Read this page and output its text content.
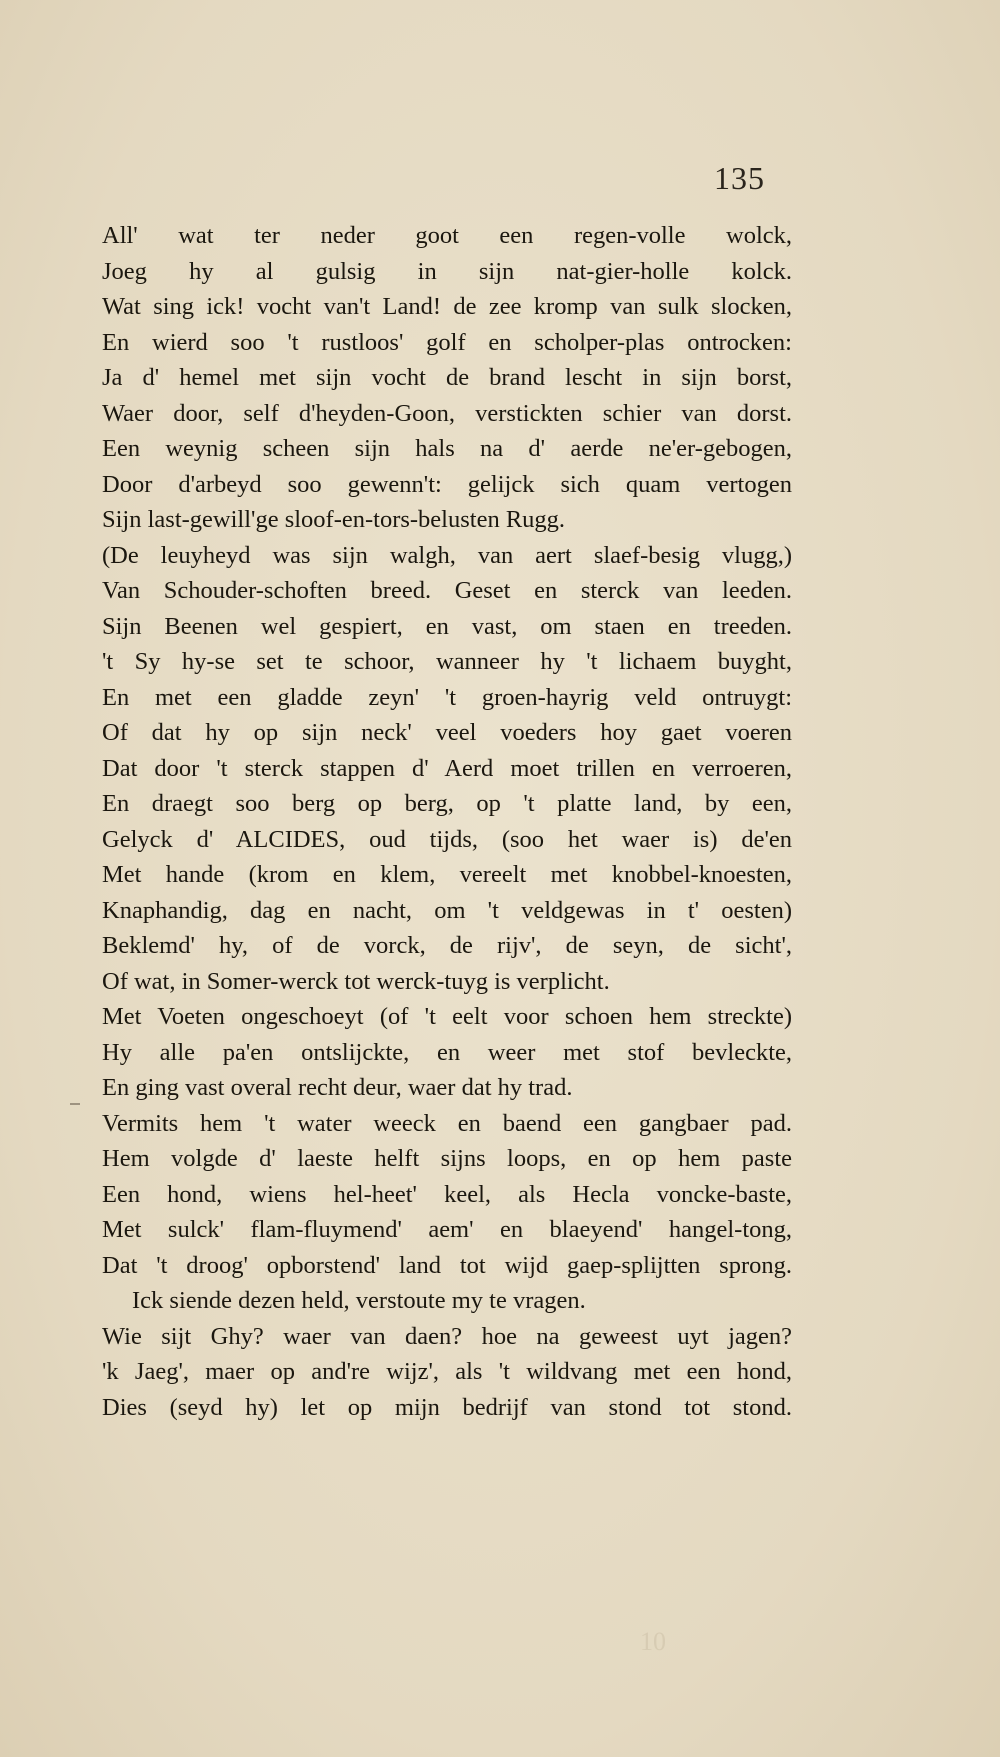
135
All' wat ter neder goot een regen-volle wolck,
Joeg hy al gulsig in sijn nat-gier-holle kolck.
Wat sing ick! vocht van't Land! de zee kromp van sulk slocken,
En wierd soo 't rustloos' golf en scholper-plas ontrocken:
Ja d' hemel met sijn vocht de brand lescht in sijn borst,
Waer door, self d'heyden-Goon, verstickten schier van dorst.
Een weynig scheen sijn hals na d' aerde ne'er-gebogen,
Door d'arbeyd soo gewenn't: gelijck sich quam vertogen
Sijn last-gewill'ge sloof-en-tors-belusten Rugg.
(De leuyheyd was sijn walgh, van aert slaef-besig vlugg,)
Van Schouder-schoften breed. Geset en sterck van leeden.
Sijn Beenen wel gespiert, en vast, om staen en treeden.
't Sy hy-se set te schoor, wanneer hy 't lichaem buyght,
En met een gladde zeyn' 't groen-hayrig veld ontruygt:
Of dat hy op sijn neck' veel voeders hoy gaet voeren
Dat door 't sterck stappen d' Aerd moet trillen en verroeren,
En draegt soo berg op berg, op 't platte land, by een,
Gelyck d' ALCIDES, oud tijds, (soo het waer is) de'en
Met hande (krom en klem, vereelt met knobbel-knoesten,
Knaphandig, dag en nacht, om 't veldgewas in t' oesten)
Beklemd' hy, of de vorck, de rijv', de seyn, de sicht',
Of wat, in Somer-werck tot werck-tuyg is verplicht.
Met Voeten ongeschoeyt (of 't eelt voor schoen hem streckte)
Hy alle pa'en ontslijckte, en weer met stof bevleckte,
En ging vast overal recht deur, waer dat hy trad.
Vermits hem 't water weeck en baend een gangbaer pad.
Hem volgde d' laeste helft sijns loops, en op hem paste
Een hond, wiens hel-heet' keel, als Hecla voncke-baste,
Met sulck' flam-fluymend' aem' en blaeyend' hangel-tong,
Dat 't droog' opborstend' land tot wijd gaep-splijtten sprong.
Ick siende dezen held, verstoute my te vragen.
Wie sijt Ghy? waer van daen? hoe na geweest uyt jagen?
'k Jaeg', maer op and're wijz', als 't wildvang met een hond,
Dies (seyd hy) let op mijn bedrijf van stond tot stond.
10
